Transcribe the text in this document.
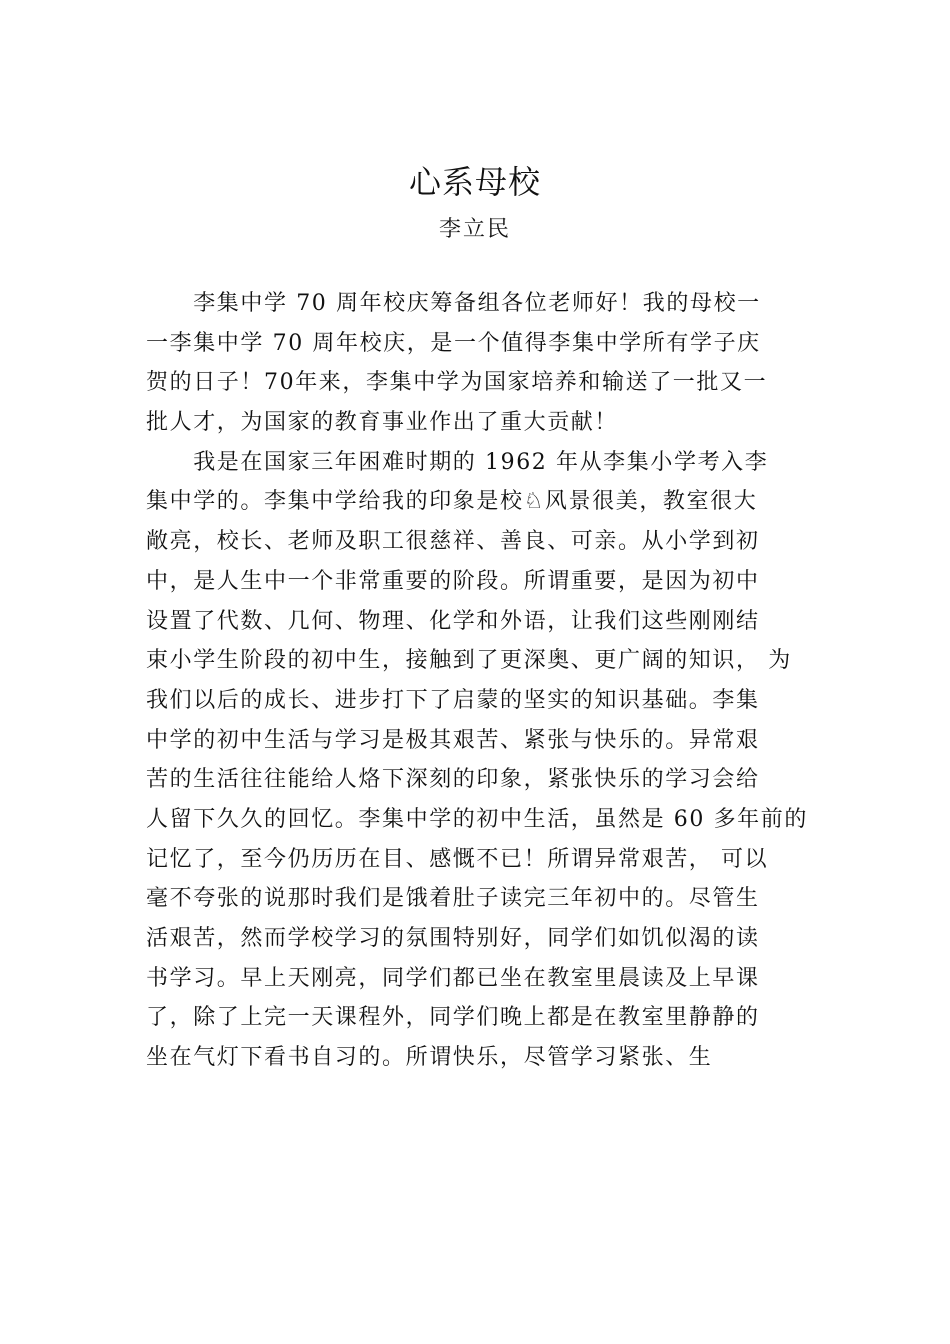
心系母校
李立民
　　李集中学 70 周年校庆筹备组各位老师好！我的母校一
一李集中学 70 周年校庆，是一个值得李集中学所有学子庆
贺的日子！70年来，李集中学为国家培养和输送了一批又一
批人才，为国家的教育事业作出了重大贡献！
　　我是在国家三年困难时期的 1962 年从李集小学考入李
集中学的。李集中学给我的印象是校♘风景很美，教室很大
敞亮，校长、老师及职工很慈祥、善良、可亲。从小学到初
中，是人生中一个非常重要的阶段。所谓重要，是因为初中
设置了代数、几何、物理、化学和外语，让我们这些刚刚结
束小学生阶段的初中生，接触到了更深奥、更广阔的知识， 为
我们以后的成长、进步打下了启蒙的坚实的知识基础。李集
中学的初中生活与学习是极其艰苦、紧张与快乐的。异常艰
苦的生活往往能给人烙下深刻的印象，紧张快乐的学习会给
人留下久久的回忆。李集中学的初中生活，虽然是 60 多年前的
记忆了，至今仍历历在目、感慨不已！所谓异常艰苦， 可以
毫不夸张的说那时我们是饿着肚子读完三年初中的。尽管生
活艰苦，然而学校学习的氛围特别好，同学们如饥似渴的读
书学习。早上天刚亮，同学们都已坐在教室里晨读及上早课
了，除了上完一天课程外，同学们晚上都是在教室里静静的
坐在气灯下看书自习的。所谓快乐，尽管学习紧张、生
